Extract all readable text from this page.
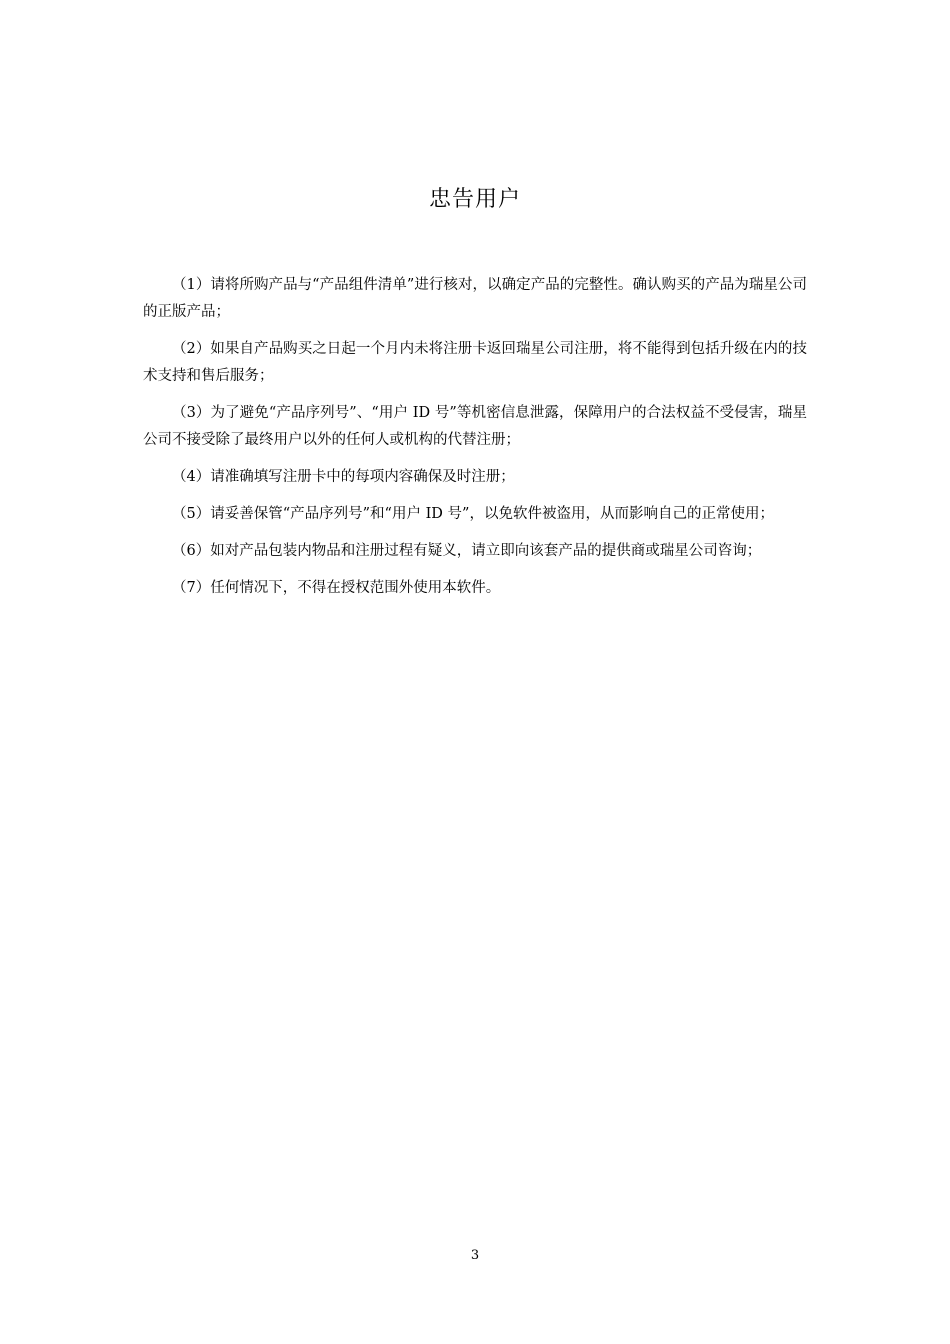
忠告用户

（1）请将所购产品与“产品组件清单”进行核对，以确定产品的完整性。确认购买的产品为瑞星公司的正版产品；

（2）如果自产品购买之日起一个月内未将注册卡返回瑞星公司注册，将不能得到包括升级在内的技术支持和售后服务；

（3）为了避免“产品序列号”、“用户 ID 号”等机密信息泄露，保障用户的合法权益不受侵害，瑞星公司不接受除了最终用户以外的任何人或机构的代替注册；

（4）请准确填写注册卡中的每项内容确保及时注册；

（5）请妥善保管“产品序列号”和“用户 ID 号”，以免软件被盗用，从而影响自己的正常使用；

（6）如对产品包装内物品和注册过程有疑义，请立即向该套产品的提供商或瑞星公司咨询；

（7）任何情况下，不得在授权范围外使用本软件。

3
